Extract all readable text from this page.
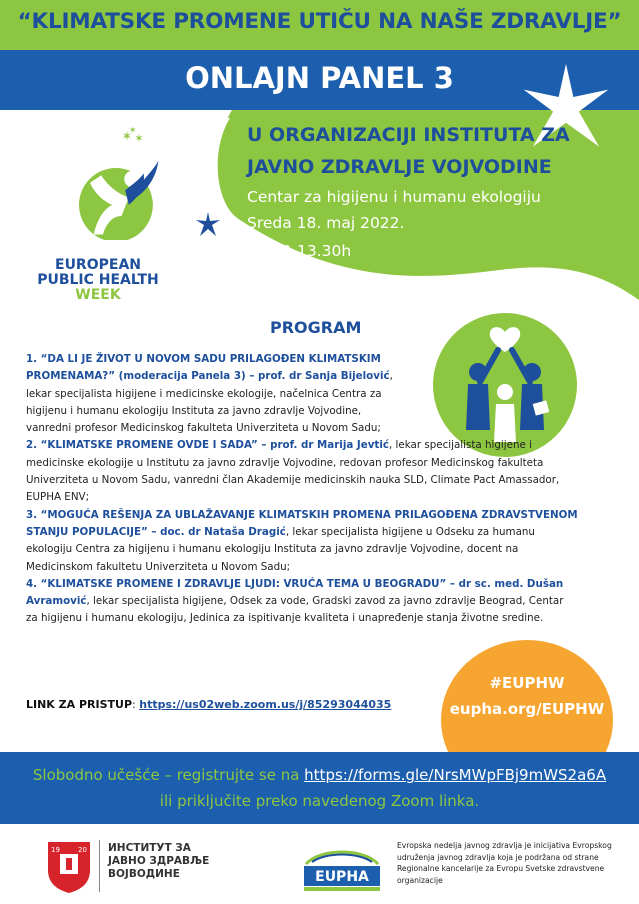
“KLIMATSKE PROMENE UTIČU NA NAŠE ZDRAVLJE”
ONLAJN PANEL 3
U ORGANIZACIJI INSTITUTA ZA
JAVNO ZDRAVLJE VOJVODINE
Centar za higijenu i humanu ekologiju
Sreda 18. maj 2022.
12.00-13.30h
✶
✶
✶
EUROPEAN
PUBLIC HEALTH
WEEK
PROGRAM
1. “DA LI JE ŽIVOT U NOVOM SADU PRILAGOĐEN KLIMATSKIM
PROMENAMA?” (moderacija Panela 3) – prof. dr Sanja Bijelović,
lekar specijalista higijene i medicinske ekologije, načelnica Centra za
higijenu i humanu ekologiju Instituta za javno zdravlje Vojvodine,
vanredni profesor Medicinskog fakulteta Univerziteta u Novom Sadu;
2. “KLIMATSKE PROMENE OVDE I SADA” – prof. dr Marija Jevtić, lekar specijalista higijene i
medicinske ekologije u Institutu za javno zdravlje Vojvodine, redovan profesor Medicinskog fakulteta
Univerziteta u Novom Sadu, vanredni član Akademije medicinskih nauka SLD, Climate Pact Amassador,
EUPHA ENV;
3. “MOGUĆA REŠENJA ZA UBLAŽAVANJE KLIMATSKIH PROMENA PRILAGOĐENA ZDRAVSTVENOM
STANJU POPULACIJE” – doc. dr Nataša Dragić, lekar specijalista higijene u Odseku za humanu
ekologiju Centra za higijenu i humanu ekologiju Instituta za javno zdravlje Vojvodine, docent na
Medicinskom fakultetu Univerziteta u Novom Sadu;
4. “KLIMATSKE PROMENE I ZDRAVLJE LJUDI: VRUĆA TEMA U BEOGRADU” – dr sc. med. Dušan
Avramović, lekar specijalista higijene, Odsek za vode, Gradski zavod za javno zdravlje Beograd, Centar
za higijenu i humanu ekologiju, Jedinica za ispitivanje kvaliteta i unapređenje stanja životne sredine.
#EUPHW
eupha.org/EUPHW
LINK ZA PRISTUP: https://us02web.zoom.us/j/85293044035
Slobodno učešće – registrujte se na https://forms.gle/NrsMWpFBj9mWS2a6A
ili priključite preko navedenog Zoom linka.
19	20 ИНСТИТУТ ЗА
ЈАВНО ЗДРАВЉЕ
ВОЈВОДИНЕ	EUPHA
Evropska nedelja javnog zdravlja je inicijativa Evropskog udruženja javnog zdravlja koja je podržana od strane Regionalne kancelarije za Evropu Svetske zdravstvene organizacije
